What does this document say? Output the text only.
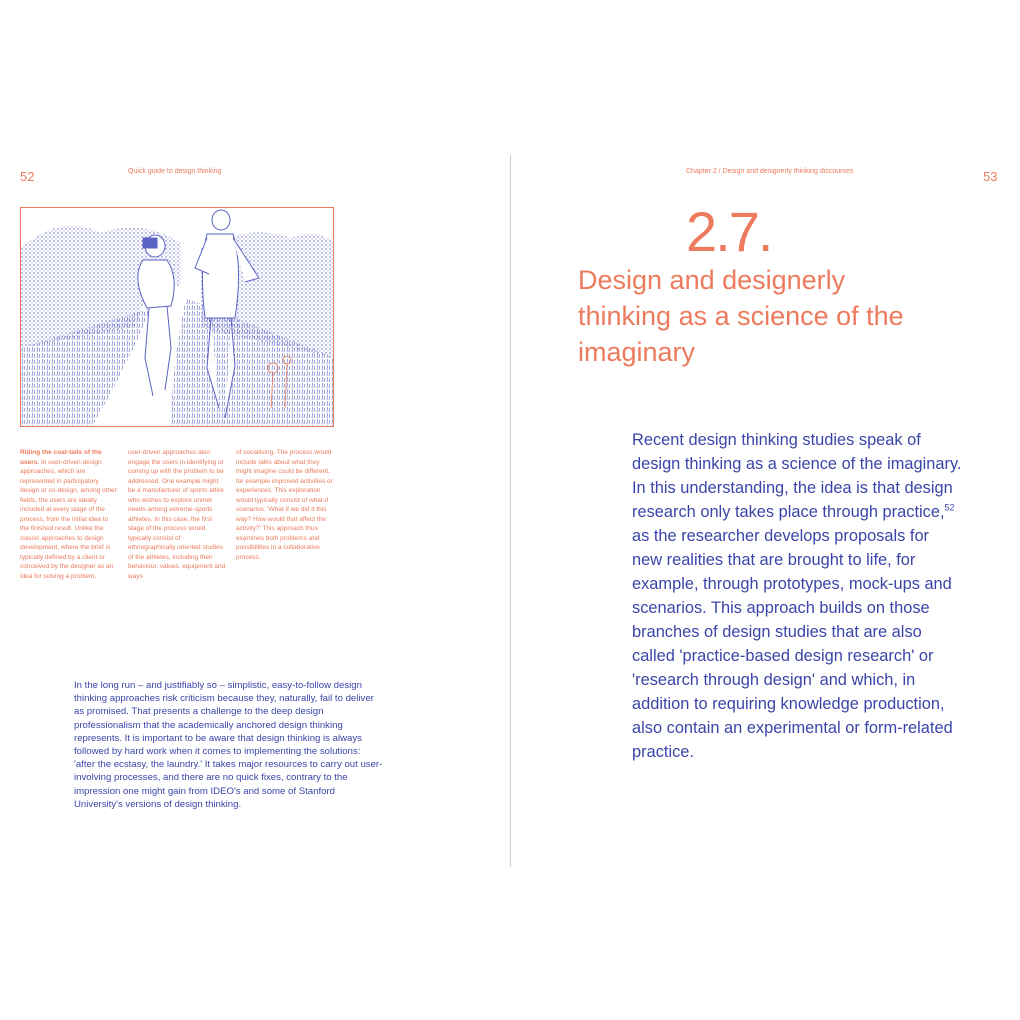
52	Quick guide to design thinking
Riding the coat-tails of the users. In user-driven design approaches, which are represented in participatory design or co-design, among other fields, the users are ideally included at every stage of the process, from the initial idea to the finished result. Unlike the classic approaches to design development, where the brief is typically defined by a client or conceived by the designer as an idea for solving a problem,
user-driven approaches also engage the users in identifying or coming up with the problem to be addressed. One example might be a manufacturer of sports attire who wishes to explore unmet needs among extreme-sports athletes. In this case, the first stage of the process would typically consist of ethnographically oriented studies of the athletes, including their behaviour, values, equipment and ways
of socialising. The process would include talks about what they might imagine could be different, for example improved activities or experiences. This exploration would typically consist of what-if scenarios: 'What if we did it this way? How would that affect the activity?' This approach thus examines both problems and possibilities in a collaborative process.
In the long run – and justifiably so – simplistic, easy-to-follow design thinking approaches risk criticism because they, naturally, fail to deliver as promised. That presents a challenge to the deep design professionalism that the academically anchored design thinking represents. It is important to be aware that design thinking is always followed by hard work when it comes to implementing the solutions: 'after the ecstasy, the laundry.' It takes major resources to carry out user-involving processes, and there are no quick fixes, contrary to the impression one might gain from IDEO's and some of Stanford University's versions of design thinking.
Chapter 2 / Design and designerly thinking discourses	53
2.7.
Design and designerly thinking as a science of the imaginary
Recent design thinking studies speak of design thinking as a science of the imaginary. In this understanding, the idea is that design research only takes place through practice,$^{52}$ as the researcher develops proposals for new realities that are brought to life, for example, through prototypes, mock-ups and scenarios. This approach builds on those branches of design studies that are also called 'practice-based design research' or 'research through design' and which, in addition to requiring knowledge production, also contain an experimental or form-related practice.
